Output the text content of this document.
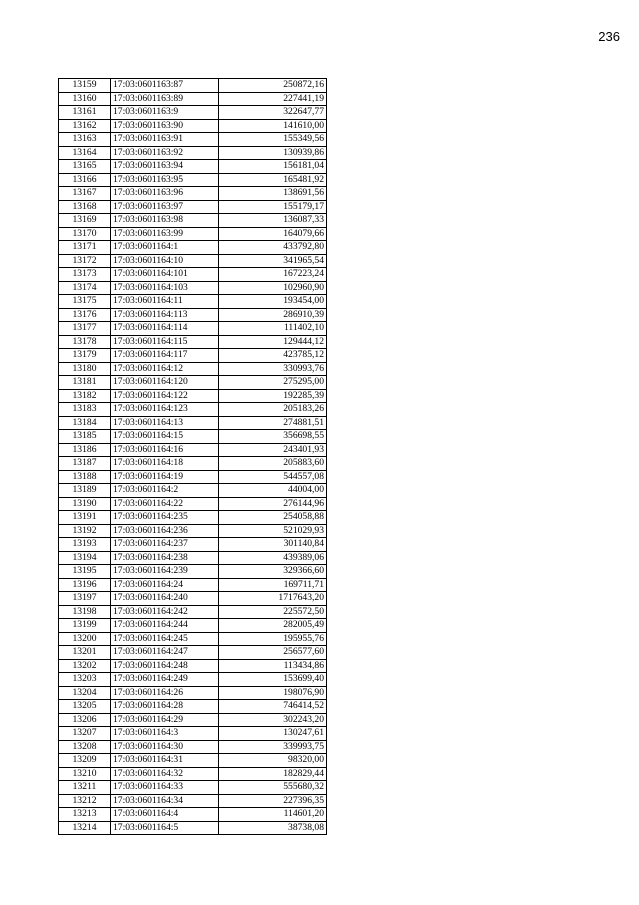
236
13159	17:03:0601163:87	250872,16
13160	17:03:0601163:89	227441,19
13161	17:03:0601163:9	322647,77
13162	17:03:0601163:90	141610,00
13163	17:03:0601163:91	155349,56
13164	17:03:0601163:92	130939,86
13165	17:03:0601163:94	156181,04
13166	17:03:0601163:95	165481,92
13167	17:03:0601163:96	138691,56
13168	17:03:0601163:97	155179,17
13169	17:03:0601163:98	136087,33
13170	17:03:0601163:99	164079,66
13171	17:03:0601164:1	433792,80
13172	17:03:0601164:10	341965,54
13173	17:03:0601164:101	167223,24
13174	17:03:0601164:103	102960,90
13175	17:03:0601164:11	193454,00
13176	17:03:0601164:113	286910,39
13177	17:03:0601164:114	111402,10
13178	17:03:0601164:115	129444,12
13179	17:03:0601164:117	423785,12
13180	17:03:0601164:12	330993,76
13181	17:03:0601164:120	275295,00
13182	17:03:0601164:122	192285,39
13183	17:03:0601164:123	205183,26
13184	17:03:0601164:13	274881,51
13185	17:03:0601164:15	356698,55
13186	17:03:0601164:16	243401,93
13187	17:03:0601164:18	205883,60
13188	17:03:0601164:19	544557,08
13189	17:03:0601164:2	44004,00
13190	17:03:0601164:22	276144,96
13191	17:03:0601164:235	254058,88
13192	17:03:0601164:236	521029,93
13193	17:03:0601164:237	301140,84
13194	17:03:0601164:238	439389,06
13195	17:03:0601164:239	329366,60
13196	17:03:0601164:24	169711,71
13197	17:03:0601164:240	1717643,20
13198	17:03:0601164:242	225572,50
13199	17:03:0601164:244	282005,49
13200	17:03:0601164:245	195955,76
13201	17:03:0601164:247	256577,60
13202	17:03:0601164:248	113434,86
13203	17:03:0601164:249	153699,40
13204	17:03:0601164:26	198076,90
13205	17:03:0601164:28	746414,52
13206	17:03:0601164:29	302243,20
13207	17:03:0601164:3	130247,61
13208	17:03:0601164:30	339993,75
13209	17:03:0601164:31	98320,00
13210	17:03:0601164:32	182829,44
13211	17:03:0601164:33	555680,32
13212	17:03:0601164:34	227396,35
13213	17:03:0601164:4	114601,20
13214	17:03:0601164:5	38738,08
